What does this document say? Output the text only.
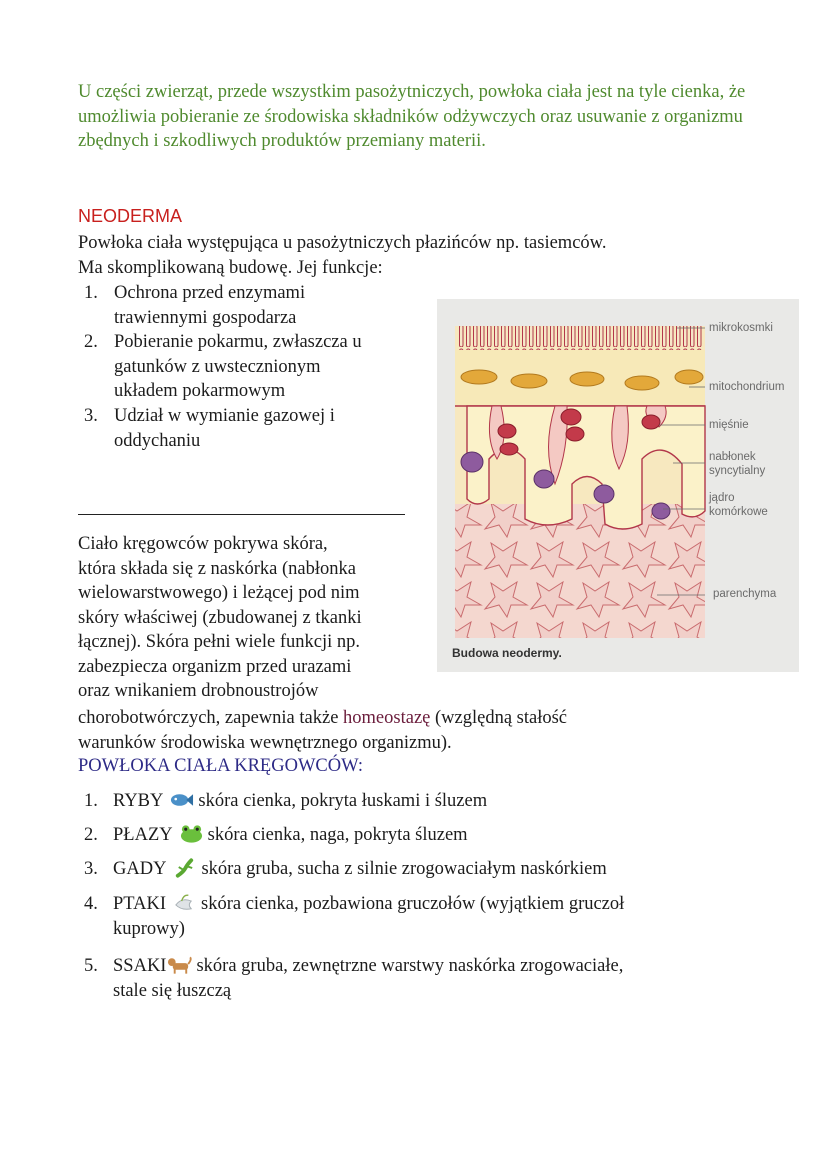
U części zwierząt, przede wszystkim pasożytniczych, powłoka ciała jest na tyle cienka, że umożliwia pobieranie ze środowiska składników odżywczych oraz usuwanie z organizmu zbędnych i szkodliwych produktów przemiany materii.
NEODERMA
Powłoka ciała występująca u pasożytniczych płazińców np. tasiemców.
Ma skomplikowaną budowę. Jej funkcje:
1. Ochrona przed enzymami
trawiennymi gospodarza
2. Pobieranie pokarmu, zwłaszcza u
gatunków z uwstecznionym
układem pokarmowym
3. Udział w wymianie gazowej i
oddychaniu
mikrokosmki
mitochondrium
mięśnie
nabłonek
syncytialny
jądro
komórkowe
parenchyma
Budowa neodermy.
Ciało kręgowców pokrywa skóra,
która składa się z naskórka (nabłonka
wielowarstwowego) i leżącej pod nim
skóry właściwej (zbudowanej z tkanki
łącznej). Skóra pełni wiele funkcji np.
zabezpiecza organizm przed urazami
oraz wnikaniem drobnoustrojów
chorobotwórczych, zapewnia także homeostazę (względną stałość
warunków środowiska wewnętrznego organizmu).
POWŁOKA CIAŁA KRĘGOWCÓW:
1. RYBY skóra cienka, pokryta łuskami i śluzem
2. PŁAZY skóra cienka, naga, pokryta śluzem
3. GADY skóra gruba, sucha z silnie zrogowaciałym naskórkiem
4. PTAKI skóra cienka, pozbawiona gruczołów (wyjątkiem gruczoł
kuprowy)
5. SSAKI skóra gruba, zewnętrzne warstwy naskórka zrogowaciałe,
stale się łuszczą
